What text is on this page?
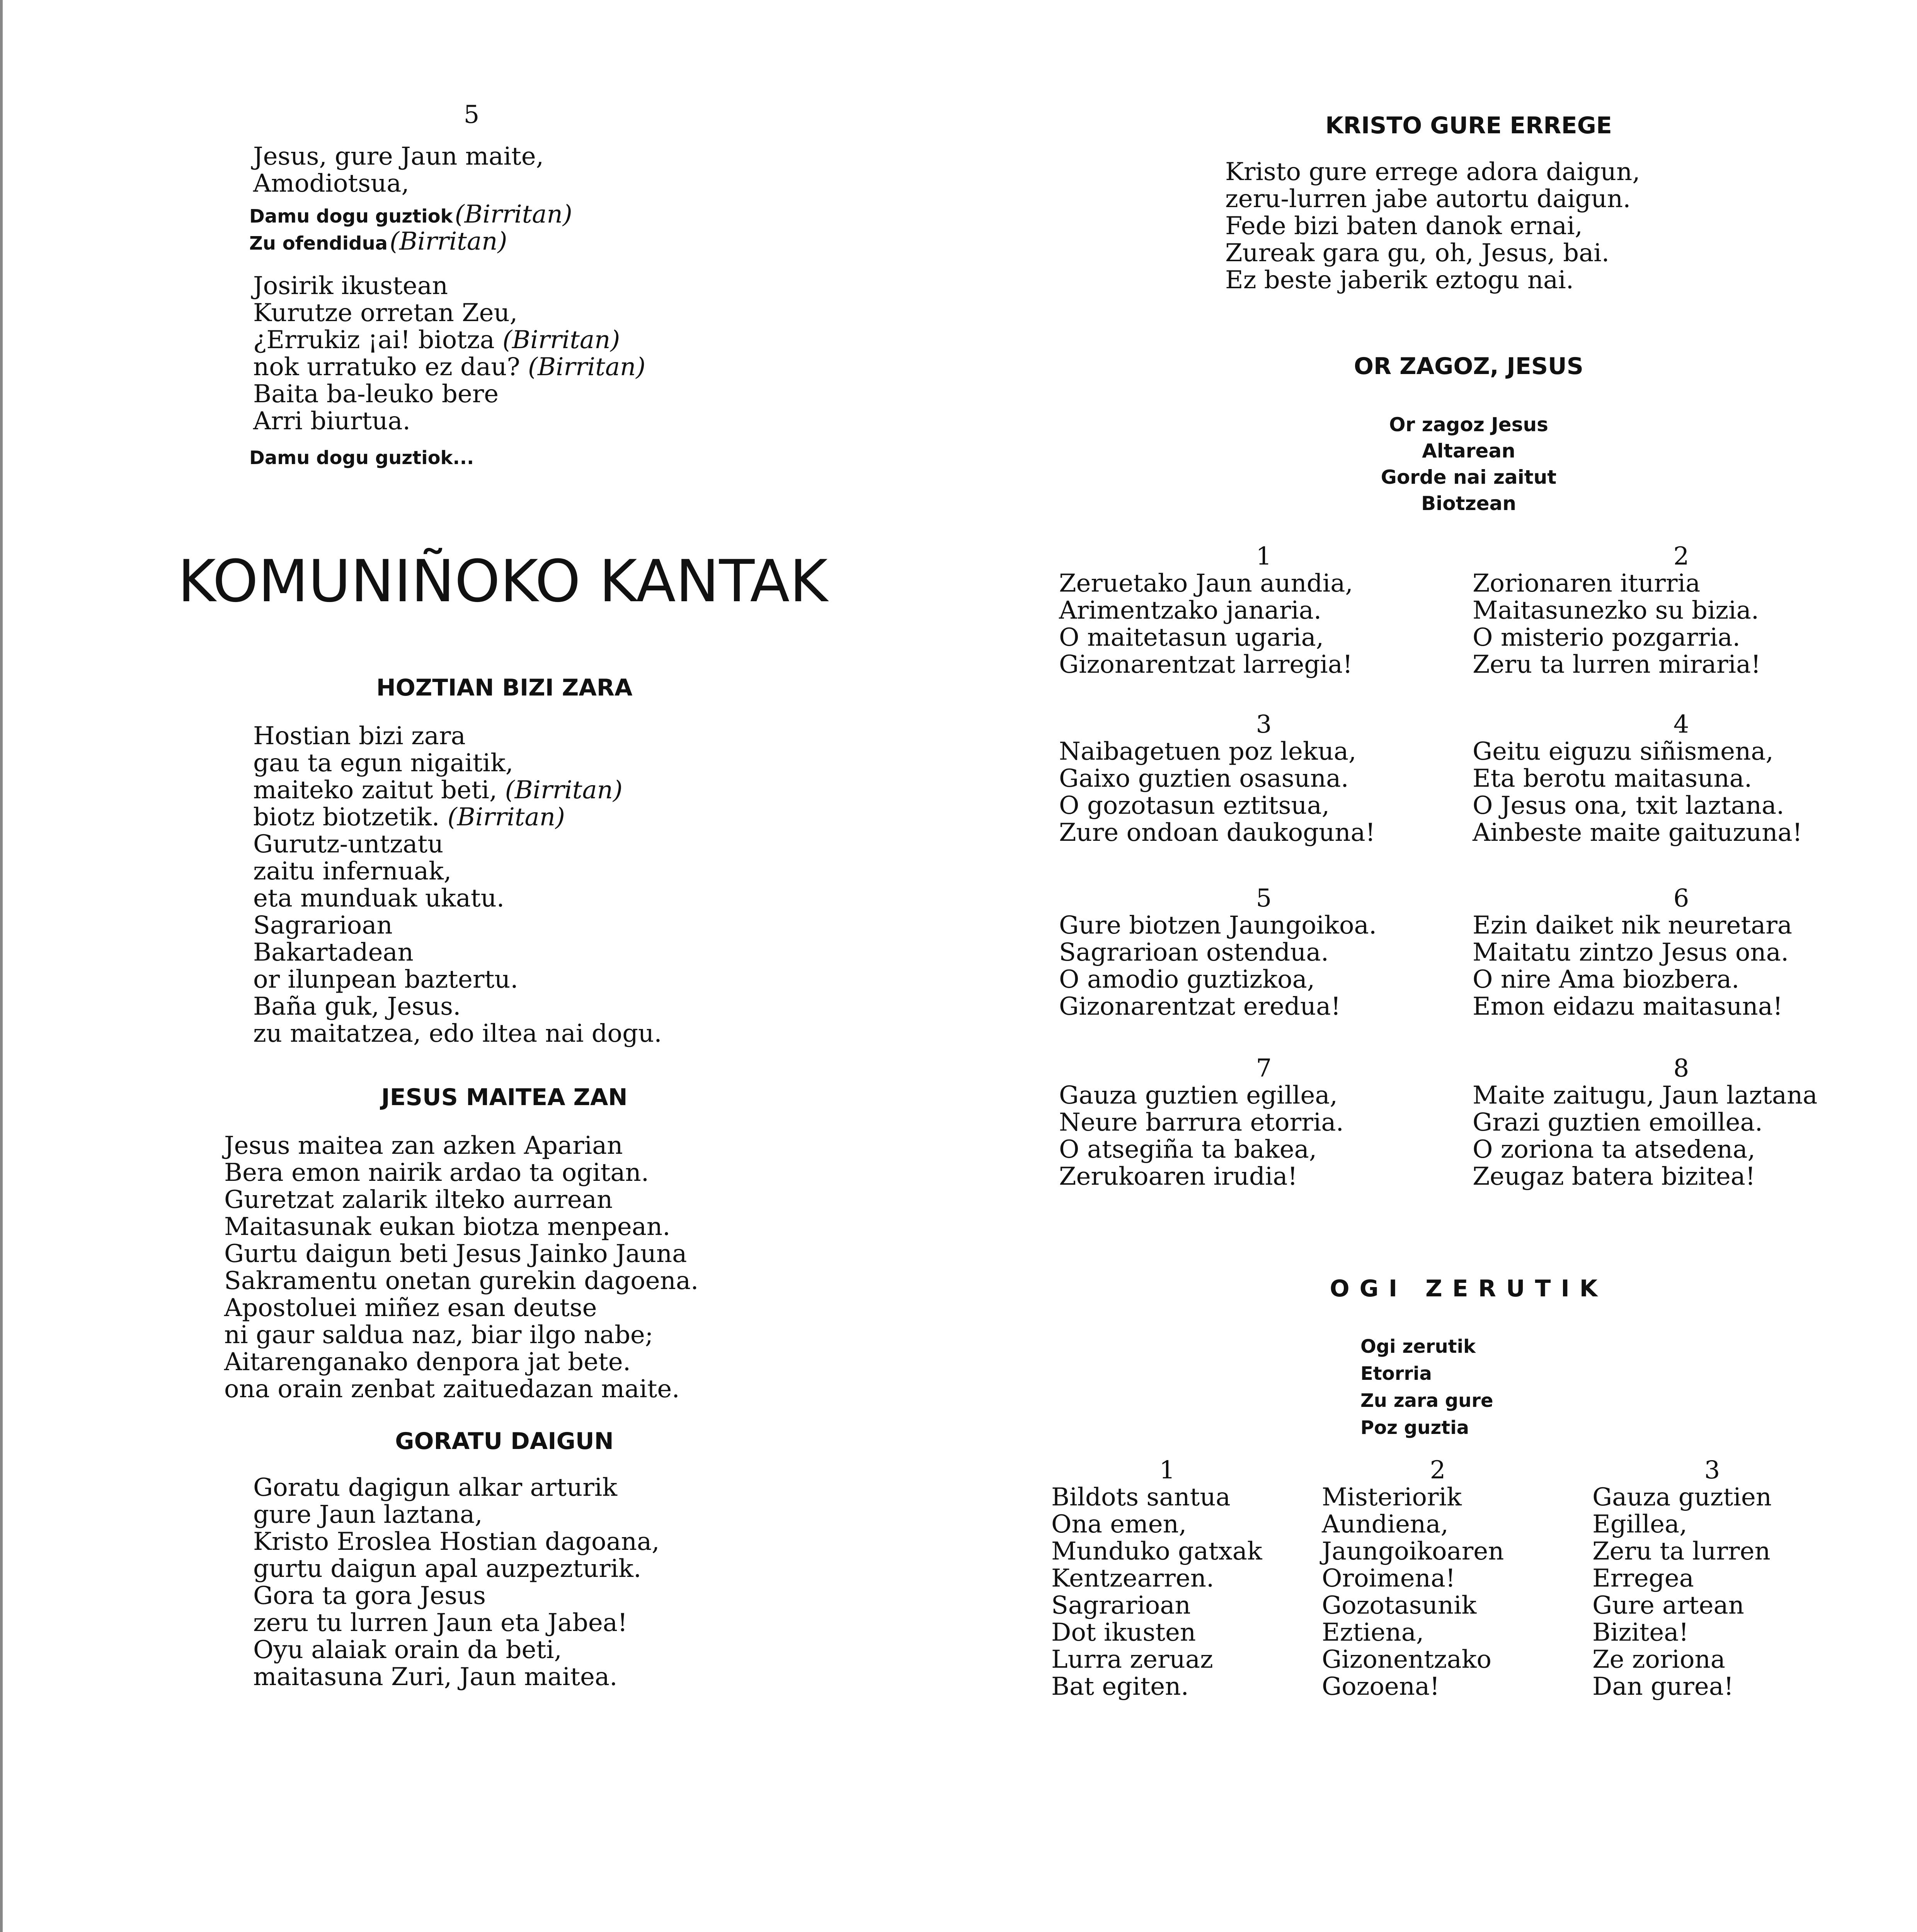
5
Jesus, gure Jaun maite,
Amodiotsua,
Damu dogu guztiok (Birritan)
Zu ofendidua (Birritan)
Josirik ikustean
Kurutze orretan Zeu,
¿Errukiz ¡ai! biotza (Birritan)
nok urratuko ez dau? (Birritan)
Baita ba-leuko bere
Arri biurtua.
Damu dogu guztiok...
KOMUNIÑOKO KANTAK
HOZTIAN BIZI ZARA
Hostian bizi zara
gau ta egun nigaitik,
maiteko zaitut beti, (Birritan)
biotz biotzetik. (Birritan)
Gurutz-untzatu
zaitu infernuak,
eta munduak ukatu.
Sagrarioan
Bakartadean
or ilunpean baztertu.
Baña guk, Jesus.
zu maitatzea, edo iltea nai dogu.
JESUS MAITEA ZAN
Jesus maitea zan azken Aparian
Bera emon nairik ardao ta ogitan.
Guretzat zalarik ilteko aurrean
Maitasunak eukan biotza menpean.
Gurtu daigun beti Jesus Jainko Jauna
Sakramentu onetan gurekin dagoena.
Apostoluei miñez esan deutse
ni gaur saldua naz, biar ilgo nabe;
Aitarenganako denpora jat bete.
ona orain zenbat zaituedazan maite.
GORATU DAIGUN
Goratu dagigun alkar arturik
gure Jaun laztana,
Kristo Eroslea Hostian dagoana,
gurtu daigun apal auzpezturik.
Gora ta gora Jesus
zeru tu lurren Jaun eta Jabea!
Oyu alaiak orain da beti,
maitasuna Zuri, Jaun maitea.
KRISTO GURE ERREGE
Kristo gure errege adora daigun,
zeru-lurren jabe autortu daigun.
Fede bizi baten danok ernai,
Zureak gara gu, oh, Jesus, bai.
Ez beste jaberik eztogu nai.
OR ZAGOZ, JESUS
Or zagoz Jesus
Altarean
Gorde nai zaitut
Biotzean
1
Zeruetako Jaun aundia,
Arimentzako janaria.
O maitetasun ugaria,
Gizonarentzat larregia!
2
Zorionaren iturria
Maitasunezko su bizia.
O misterio pozgarria.
Zeru ta lurren miraria!
3
Naibagetuen poz lekua,
Gaixo guztien osasuna.
O gozotasun eztitsua,
Zure ondoan daukoguna!
4
Geitu eiguzu siñismena,
Eta berotu maitasuna.
O Jesus ona, txit laztana.
Ainbeste maite gaituzuna!
5
Gure biotzen Jaungoikoa.
Sagrarioan ostendua.
O amodio guztizkoa,
Gizonarentzat eredua!
6
Ezin daiket nik neuretara
Maitatu zintzo Jesus ona.
O nire Ama biozbera.
Emon eidazu maitasuna!
7
Gauza guztien egillea,
Neure barrura etorria.
O atsegiña ta bakea,
Zerukoaren irudia!
8
Maite zaitugu, Jaun laztana
Grazi guztien emoillea.
O zoriona ta atsedena,
Zeugaz batera bizitea!
OGI ZERUTIK
Ogi zerutik
Etorria
Zu zara gure
Poz guztia
1
Bildots santua
Ona emen,
Munduko gatxak
Kentzearren.
Sagrarioan
Dot ikusten
Lurra zeruaz
Bat egiten.
2
Misteriorik
Aundiena,
Jaungoikoaren
Oroimena!
Gozotasunik
Eztiena,
Gizonentzako
Gozoena!
3
Gauza guztien
Egillea,
Zeru ta lurren
Erregea
Gure artean
Bizitea!
Ze zoriona
Dan gurea!
